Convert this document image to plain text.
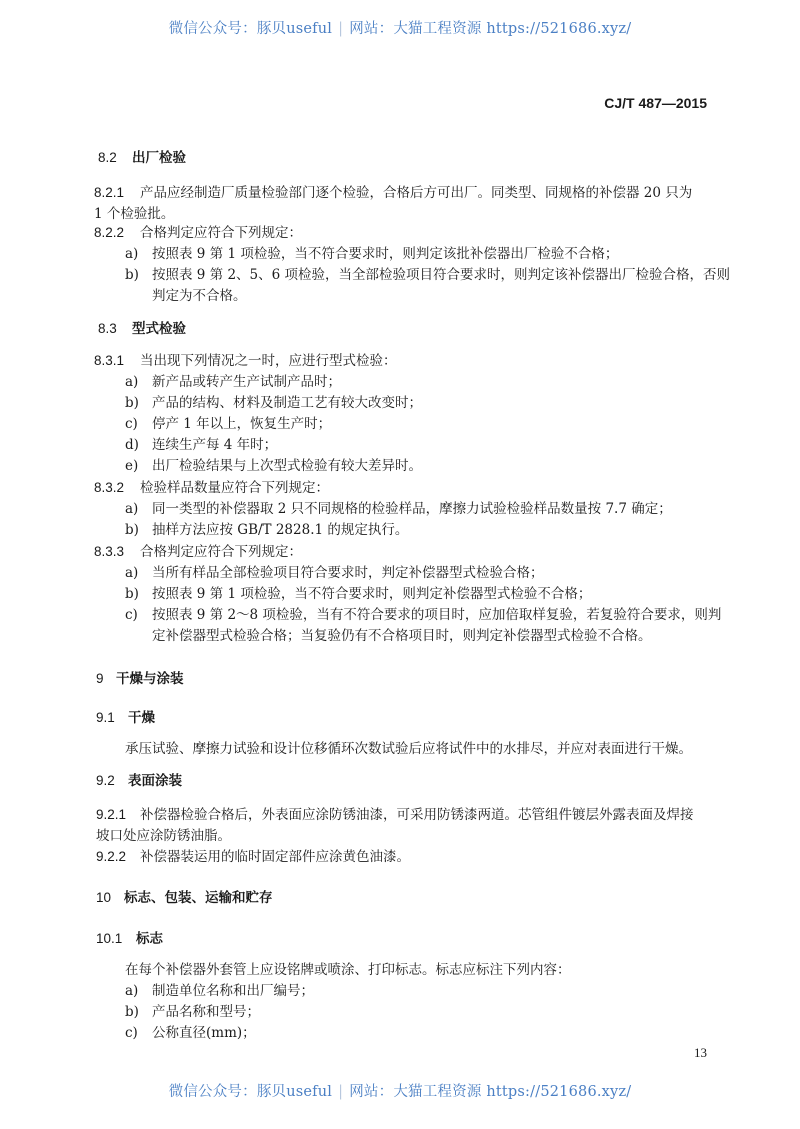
微信公众号：豚贝useful | 网站：大猫工程资源 https://521686.xyz/
CJ/T 487—2015
8.2 出厂检验
8.2.1 产品应经制造厂质量检验部门逐个检验，合格后方可出厂。同类型、同规格的补偿器 20 只为
1 个检验批。
8.2.2 合格判定应符合下列规定：
a) 按照表 9 第 1 项检验，当不符合要求时，则判定该批补偿器出厂检验不合格；
b) 按照表 9 第 2、5、6 项检验，当全部检验项目符合要求时，则判定该补偿器出厂检验合格，否则
判定为不合格。
8.3 型式检验
8.3.1 当出现下列情况之一时，应进行型式检验：
a) 新产品或转产生产试制产品时；
b) 产品的结构、材料及制造工艺有较大改变时；
c) 停产 1 年以上，恢复生产时；
d) 连续生产每 4 年时；
e) 出厂检验结果与上次型式检验有较大差异时。
8.3.2 检验样品数量应符合下列规定：
a) 同一类型的补偿器取 2 只不同规格的检验样品，摩擦力试验检验样品数量按 7.7 确定；
b) 抽样方法应按 GB/T 2828.1 的规定执行。
8.3.3 合格判定应符合下列规定：
a) 当所有样品全部检验项目符合要求时，判定补偿器型式检验合格；
b) 按照表 9 第 1 项检验，当不符合要求时，则判定补偿器型式检验不合格；
c) 按照表 9 第 2～8 项检验，当有不符合要求的项目时，应加倍取样复验，若复验符合要求，则判
定补偿器型式检验合格；当复验仍有不合格项目时，则判定补偿器型式检验不合格。
9 干燥与涂装
9.1 干燥
承压试验、摩擦力试验和设计位移循环次数试验后应将试件中的水排尽，并应对表面进行干燥。
9.2 表面涂装
9.2.1 补偿器检验合格后，外表面应涂防锈油漆，可采用防锈漆两道。芯管组件镀层外露表面及焊接
坡口处应涂防锈油脂。
9.2.2 补偿器装运用的临时固定部件应涂黄色油漆。
10 标志、包装、运输和贮存
10.1 标志
在每个补偿器外套管上应设铭牌或喷涂、打印标志。标志应标注下列内容：
a) 制造单位名称和出厂编号；
b) 产品名称和型号；
c) 公称直径(mm)；
13
微信公众号：豚贝useful | 网站：大猫工程资源 https://521686.xyz/
